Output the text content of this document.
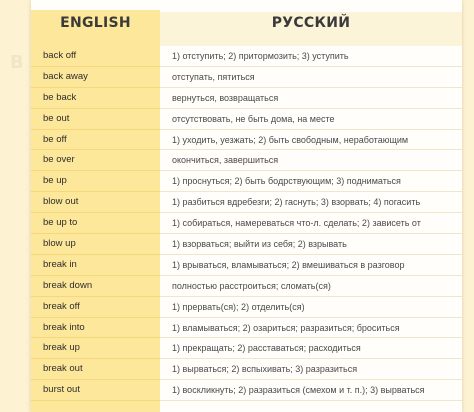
B
ENGLISH	РУССКИЙ
back off	1) отступить; 2) притормозить; 3) уступить
back away	отступать, пятиться
be back	вернуться, возвращаться
be out	отсутствовать, не быть дома, на месте
be off	1) уходить, уезжать; 2) быть свободным, неработающим
be over	окончиться, завершиться
be up	1) проснуться; 2) быть бодрствующим; 3) подниматься
blow out	1) разбиться вдребезги; 2) гаснуть; 3) взорвать; 4) погасить
be up to	1) собираться, намереваться что-л. сделать; 2) зависеть от
blow up	1) взорваться; выйти из себя; 2) взрывать
break in	1) врываться, вламываться; 2) вмешиваться в разговор
break down	полностью расстроиться; сломать(ся)
break off	1) прервать(ся); 2) отделить(ся)
break into	1) вламываться; 2) озариться; разразиться; броситься
break up	1) прекращать; 2) расставаться; расходиться
break out	1) вырваться; 2) вспыхивать; 3) разразиться
burst out	1) воскликнуть; 2) разразиться (смехом и т. п.); 3) вырваться
